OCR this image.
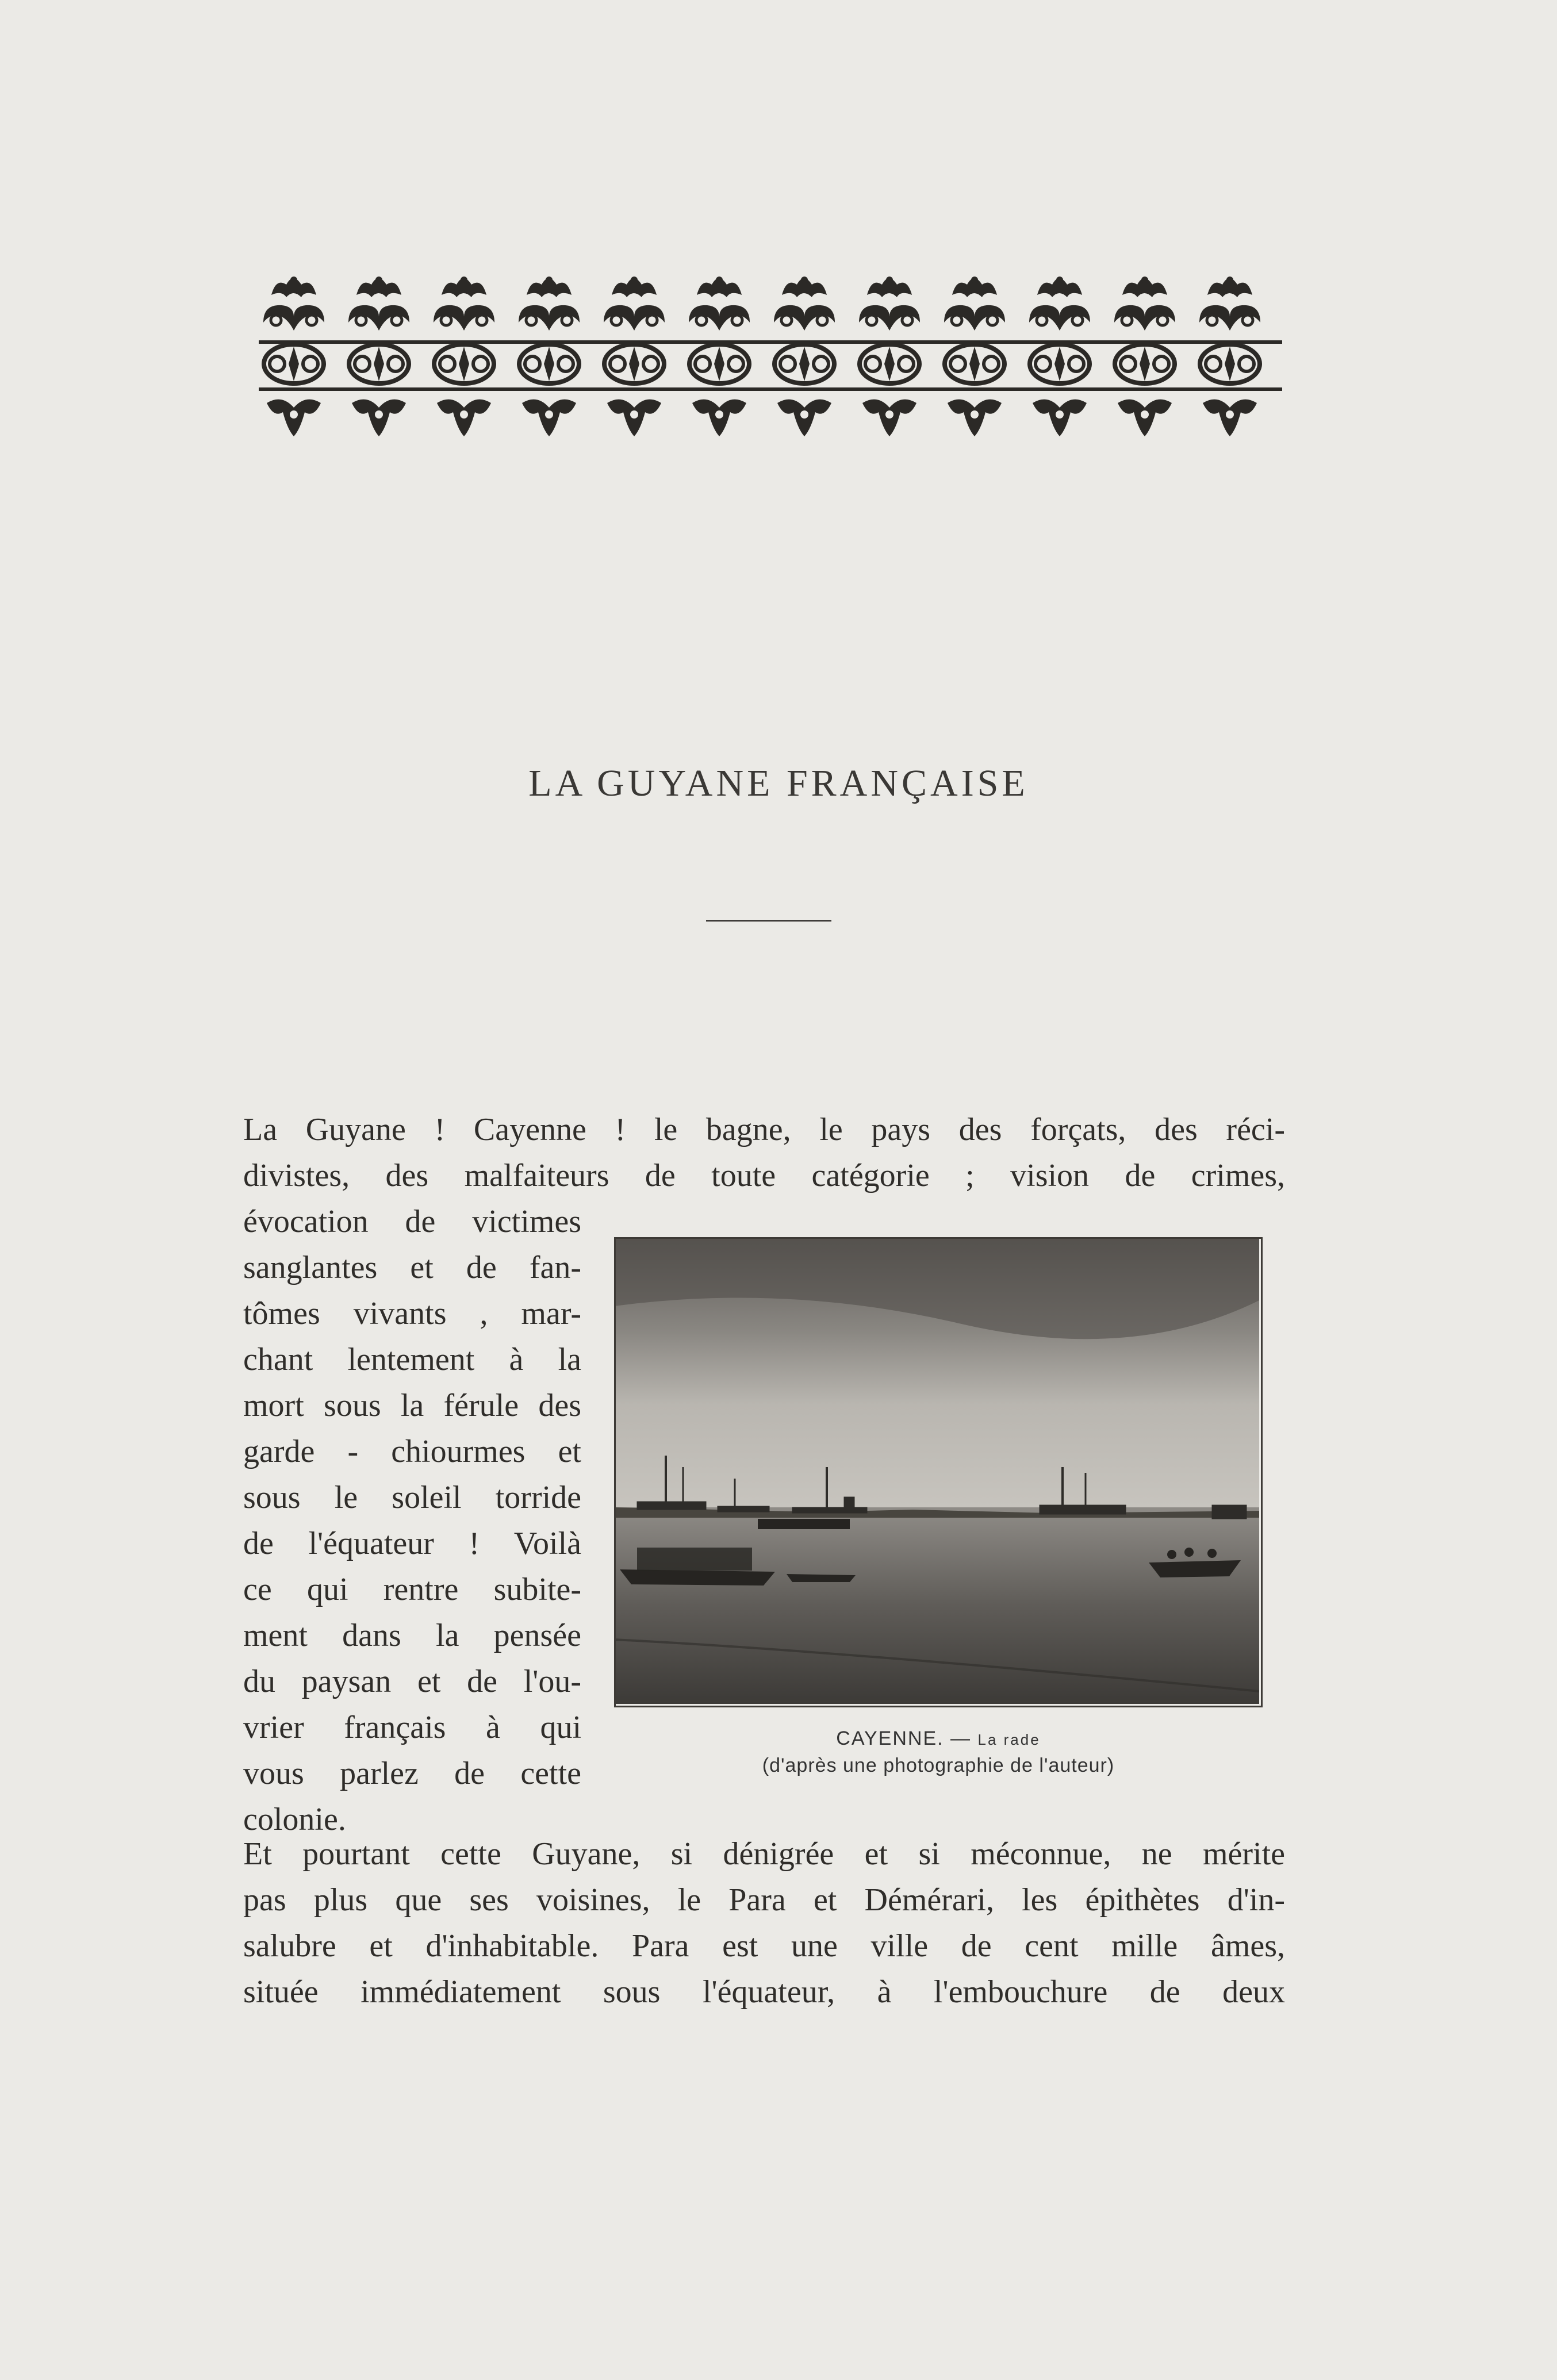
LA GUYANE FRANÇAISE
La Guyane ! Cayenne ! le bagne, le pays des forçats, des réci-
divistes, des malfaiteurs de toute catégorie ; vision de crimes,
évocation de victimes
sanglantes et de fan-
tômes vivants , mar-
chant lentement à la
mort sous la férule des
garde - chiourmes et
sous le soleil torride
de l'équateur ! Voilà
ce qui rentre subite-
ment dans la pensée
du paysan et de l'ou-
vrier français à qui
vous parlez de cette
colonie.
CAYENNE. — La rade
(d'après une photographie de l'auteur)
Et pourtant cette Guyane, si dénigrée et si méconnue, ne mérite
pas plus que ses voisines, le Para et Démérari, les épithètes d'in-
salubre et d'inhabitable. Para est une ville de cent mille âmes,
située immédiatement sous l'équateur, à l'embouchure de deux
